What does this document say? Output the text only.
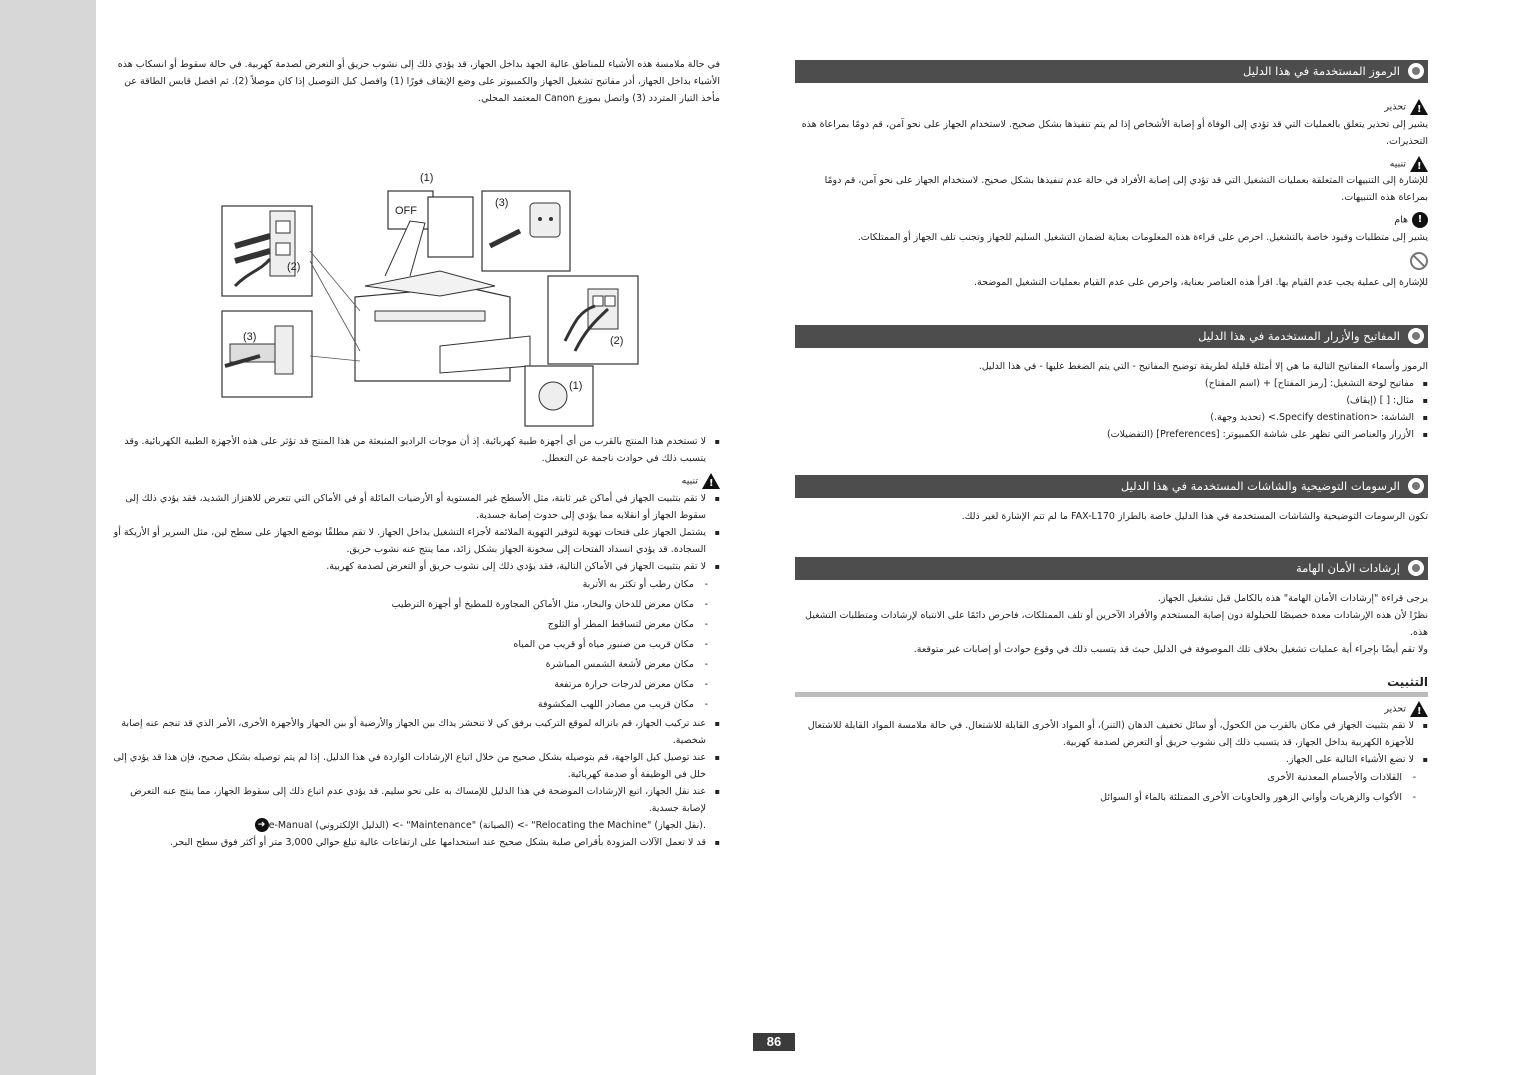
في حالة ملامسة هذه الأشياء للمناطق عالية الجهد بداخل الجهاز، قد يؤدي ذلك إلى نشوب حريق أو التعرض لصدمة كهربية. في حالة سقوط أو انسكاب هذه الأشياء بداخل الجهاز، أدر مفاتيح تشغيل الجهاز والكمبيوتر على وضع الإيقاف فورًا (1) وافصل كبل التوصيل إذا كان موصلاً (2). ثم افصل قابس الطاقة عن مأخذ التيار المتردد (3) واتصل بموزع Canon المعتمد المحلي.

(2)
(3)
OFF
(1)
(3)
(2)
(1)
▪ لا تستخدم هذا المنتج بالقرب من أي أجهزة طبية كهربائية. إذ أن موجات الراديو المنبعثة من هذا المنتج قد تؤثر على هذه الأجهزة الطبية الكهربائية. وقد يتسبب ذلك في حوادث ناجمة عن التعطل.
!تنبيه
▪ لا تقم بتثبيت الجهاز في أماكن غير ثابتة، مثل الأسطح غير المستوية أو الأرضيات المائلة أو في الأماكن التي تتعرض للاهتزاز الشديد، فقد يؤدي ذلك إلى سقوط الجهاز أو انقلابه مما يؤدي إلى حدوث إصابة جسدية.
▪ يشتمل الجهاز على فتحات تهوية لتوفير التهوية الملائمة لأجزاء التشغيل بداخل الجهاز. لا تقم مطلقًا بوضع الجهاز على سطح لين، مثل السرير أو الأريكة أو السجادة. قد يؤدي انسداد الفتحات إلى سخونة الجهاز بشكل زائد، مما ينتج عنه نشوب حريق.
▪ لا تقم بتثبيت الجهاز في الأماكن التالية، فقد يؤدي ذلك إلى نشوب حريق أو التعرض لصدمة كهربية.
- مكان رطب أو تكثر به الأتربة
- مكان معرض للدخان والبخار، مثل الأماكن المجاورة للمطبخ أو أجهزة الترطيب
- مكان معرض لتساقط المطر أو الثلوج
- مكان قريب من صنبور مياه أو قريب من المياه
- مكان معرض لأشعة الشمس المباشرة
- مكان معرض لدرجات حرارة مرتفعة
- مكان قريب من مصادر اللهب المكشوفة
▪ عند تركيب الجهاز، قم بانزاله لموقع التركيب برفق كي لا تنحشر يداك بين الجهاز والأرضية أو بين الجهاز والأجهزة الأخرى، الأمر الذي قد تنجم عنه إصابة شخصية.
▪ عند توصيل كبل الواجهة، قم بتوصيله بشكل صحيح من خلال اتباع الإرشادات الواردة في هذا الدليل. إذا لم يتم توصيله بشكل صحيح، فإن هذا قد يؤدي إلى خلل في الوظيفة أو صدمة كهربائية.
▪ عند نقل الجهاز، اتبع الإرشادات الموضحة في هذا الدليل للإمساك به على نحو سليم. قد يؤدي عدم اتباع ذلك إلى سقوط الجهاز، مما ينتج عنه التعرض لإصابة جسدية.

➜ e-Manual (الدليل الإلكتروني) <- "Maintenance" (الصيانة) <- "Relocating the Machine" (نقل الجهاز).

▪ قد لا تعمل الآلات المزودة بأقراص صلبة بشكل صحيح عند استخدامها على ارتفاعات عالية تبلغ حوالي 3,000 متر أو أكثر فوق سطح البحر.
الرموز المستخدمة في هذا الدليل
!تحذير

يشير إلى تحذير يتعلق بالعمليات التي قد تؤدي إلى الوفاة أو إصابة الأشخاص إذا لم يتم تنفيذها بشكل صحيح. لاستخدام الجهاز على نحو آمن، قم دومًا بمراعاة هذه التحذيرات.

!تنبيه

للإشارة إلى التنبيهات المتعلقة بعمليات التشغيل التي قد تؤدي إلى إصابة الأفراد في حالة عدم تنفيذها بشكل صحيح. لاستخدام الجهاز على نحو آمن، قم دومًا بمراعاة هذه التنبيهات.

!هام

يشير إلى متطلبات وقيود خاصة بالتشغيل. احرص على قراءة هذه المعلومات بعناية لضمان التشغيل السليم للجهاز وتجنب تلف الجهاز أو الممتلكات.

للإشارة إلى عملية يجب عدم القيام بها. اقرأ هذه العناصر بعناية، واحرص على عدم القيام بعمليات التشغيل الموضحة.

المفاتيح والأزرار المستخدمة في هذا الدليل

الرموز وأسماء المفاتيح التالية ما هي إلا أمثلة قليلة لطريقة توضيح المفاتيح - التي يتم الضغط عليها - في هذا الدليل.

▪ مفاتيح لوحة التشغيل: [رمز المفتاح] + (اسم المفتاح)
▪ مثال: [ ] (إيقاف)
▪ الشاشة: <Specify destination.> (تحديد وجهة.)
▪ الأزرار والعناصر التي تظهر على شاشة الكمبيوتر: [Preferences] (التفضيلات)
الرسومات التوضيحية والشاشات المستخدمة في هذا الدليل

تكون الرسومات التوضيحية والشاشات المستخدمة في هذا الدليل خاصة بالطراز FAX-L170 ما لم تتم الإشارة لغير ذلك.

إرشادات الأمان الهامة

يرجى قراءة "إرشادات الأمان الهامة" هذه بالكامل قبل تشغيل الجهاز.

نظرًا لأن هذه الإرشادات معدة خصيصًا للحيلولة دون إصابة المستخدم والأفراد الآخرين أو تلف الممتلكات، فاحرص دائمًا على الانتباه لإرشادات ومتطلبات التشغيل هذه.

ولا تقم أيضًا بإجراء أية عمليات تشغيل بخلاف تلك الموصوفة في الدليل حيث قد يتسبب ذلك في وقوع حوادث أو إصابات غير متوقعة.

التثبيت
!تحذير
▪ لا تقم بتثبيت الجهاز في مكان بالقرب من الكحول، أو سائل تخفيف الدهان (التنر)، أو المواد الأخرى القابلة للاشتعال. في حالة ملامسة المواد القابلة للاشتعال للأجهزة الكهربية بداخل الجهاز، قد يتسبب ذلك إلى نشوب حريق أو التعرض لصدمة كهربية.
▪ لا تضع الأشياء التالية على الجهاز.
- القلادات والأجسام المعدنية الأخرى
- الأكواب والزهريات وأواني الزهور والحاويات الأخرى الممتلئة بالماء أو السوائل
86
